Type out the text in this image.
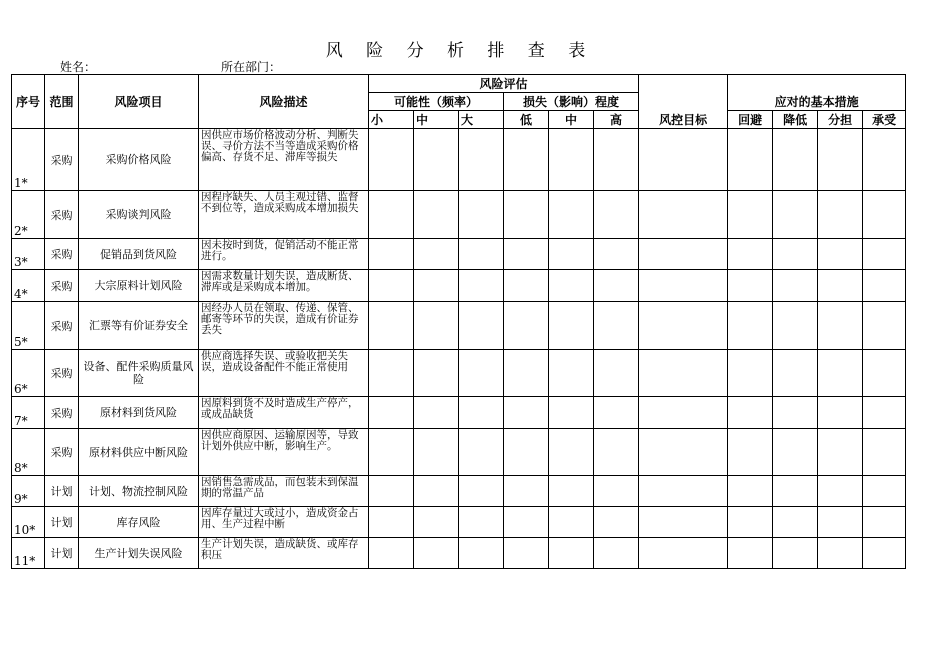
风 险 分 析 排 查 表
姓名：	所在部门：
序号	范围	风险项目	风险描述	风险评估						风控目标	应对的基本措施			
				可能性（频率）			损失（影响）程度							
				小	中	大	低	中	高		回避	降低	分担	承受
1*	采购	采购价格风险	因供应市场价格波动分析、判断失误、寻价方法不当等造成采购价格偏高、存货不足、滞库等损失											
2*	采购	采购谈判风险	因程序缺失、人员主观过错、监督不到位等，造成采购成本增加损失											
3*	采购	促销品到货风险	因未按时到货，促销活动不能正常进行。											
4*	采购	大宗原料计划风险	因需求数量计划失误，造成断货、滞库或是采购成本增加。											
5*	采购	汇票等有价证券安全	因经办人员在领取、传递、保管、邮寄等环节的失误，造成有价证券丢失											
6*	采购	设备、配件采购质量风险	供应商选择失误、或验收把关失误，造成设备配件不能正常使用											
7*	采购	原材料到货风险	因原料到货不及时造成生产停产，或成品缺货											
8*	采购	原材料供应中断风险	因供应商原因、运输原因等，导致计划外供应中断，影响生产。											
9*	计划	计划、物流控制风险	因销售急需成品，而包装未到保温期的常温产品											
10*	计划	库存风险	因库存量过大或过小，造成资金占用、生产过程中断											
11*	计划	生产计划失误风险	生产计划失误，造成缺货、或库存积压											
